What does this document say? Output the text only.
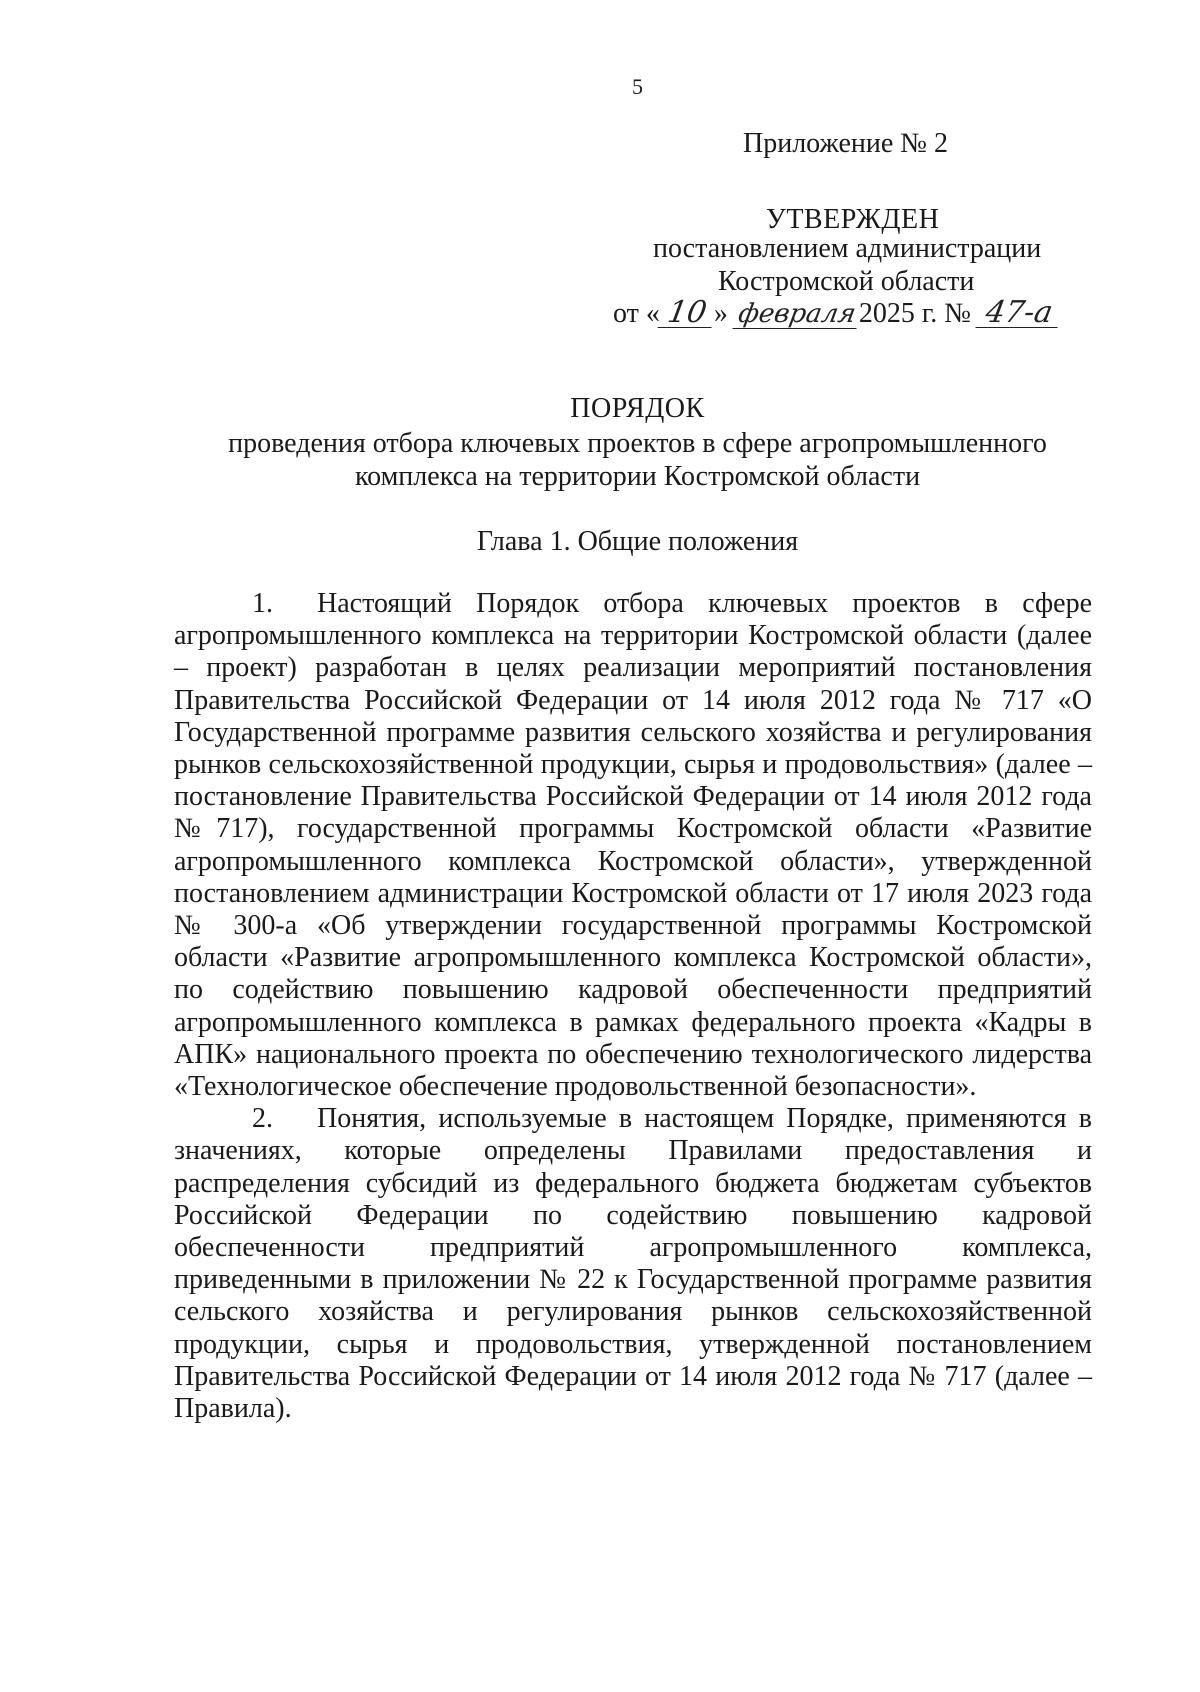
5
Приложение № 2
УТВЕРЖДЕН
постановлением администрации
Костромской области
от « 10 » февраля2025 г. № 47-а
ПОРЯДОК
проведения отбора ключевых проектов в сфере агропромышленного
комплекса на территории Костромской области
Глава 1. Общие положения

1. Настоящий Порядок отбора ключевых проектов в сфере агропромышленного комплекса на территории Костромской области (далее – проект) разработан в целях реализации мероприятий постановления Правительства Российской Федерации от 14 июля 2012 года № 717 «О Государственной программе развития сельского хозяйства и регулирования рынков сельскохозяйственной продукции, сырья и продовольствия» (далее – постановление Правительства Российской Федерации от 14 июля 2012 года №717), государственной программы Костромской области «Развитие агропромышленного комплекса Костромской области», утвержденной постановлением администрации Костромской области от 17 июля 2023 года № 300-а «Об утверждении государственной программы Костромской области «Развитие агропромышленного комплекса Костромской области», по содействию повышению кадровой обеспеченности предприятий агропромышленного комплекса в рамках федерального проекта «Кадры в АПК» национального проекта по обеспечению технологического лидерства «Технологическое обеспечение продовольственной безопасности».

2. Понятия, используемые в настоящем Порядке, применяются в значениях, которые определены Правилами предоставления и распределения субсидий из федерального бюджета бюджетам субъектов Российской Федерации по содействию повышению кадровой обеспеченности предприятий агропромышленного комплекса, приведенными в приложении № 22 к Государственной программе развития сельского хозяйства и регулирования рынков сельскохозяйственной продукции, сырья и продовольствия, утвержденной постановлением Правительства Российской Федерации от 14 июля 2012 года № 717 (далее – Правила).
